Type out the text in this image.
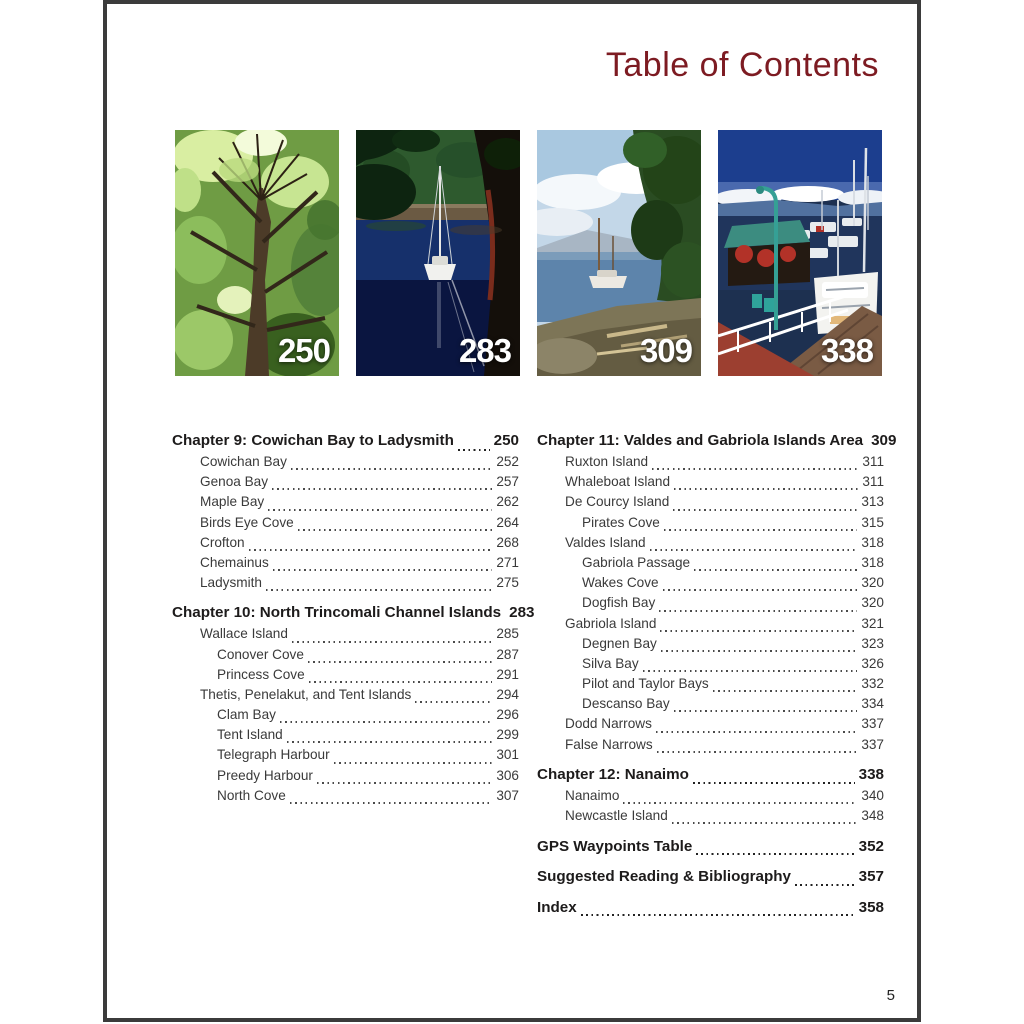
Table of Contents
250	283	309	338
Chapter 9: Cowichan Bay to Ladysmith	250
Cowichan Bay	252
Genoa Bay	257
Maple Bay	262
Birds Eye Cove	264
Crofton	268
Chemainus	271
Ladysmith	275
Chapter 10: North Trincomali Channel Islands 283
Wallace Island	285
Conover Cove	287
Princess Cove	291
Thetis, Penelakut, and Tent Islands	294
Clam Bay	296
Tent Island	299
Telegraph Harbour	301
Preedy Harbour	306
North Cove	307
Chapter 11: Valdes and Gabriola Islands Area 309
Ruxton Island	311
Whaleboat Island	311
De Courcy Island	313
Pirates Cove	315
Valdes Island	318
Gabriola Passage	318
Wakes Cove	320
Dogfish Bay	320
Gabriola Island	321
Degnen Bay	323
Silva Bay	326
Pilot and Taylor Bays	332
Descanso Bay	334
Dodd Narrows	337
False Narrows	337
Chapter 12: Nanaimo	338
Nanaimo	340
Newcastle Island	348
GPS Waypoints Table	352
Suggested Reading & Bibliography	357
Index	358
5
